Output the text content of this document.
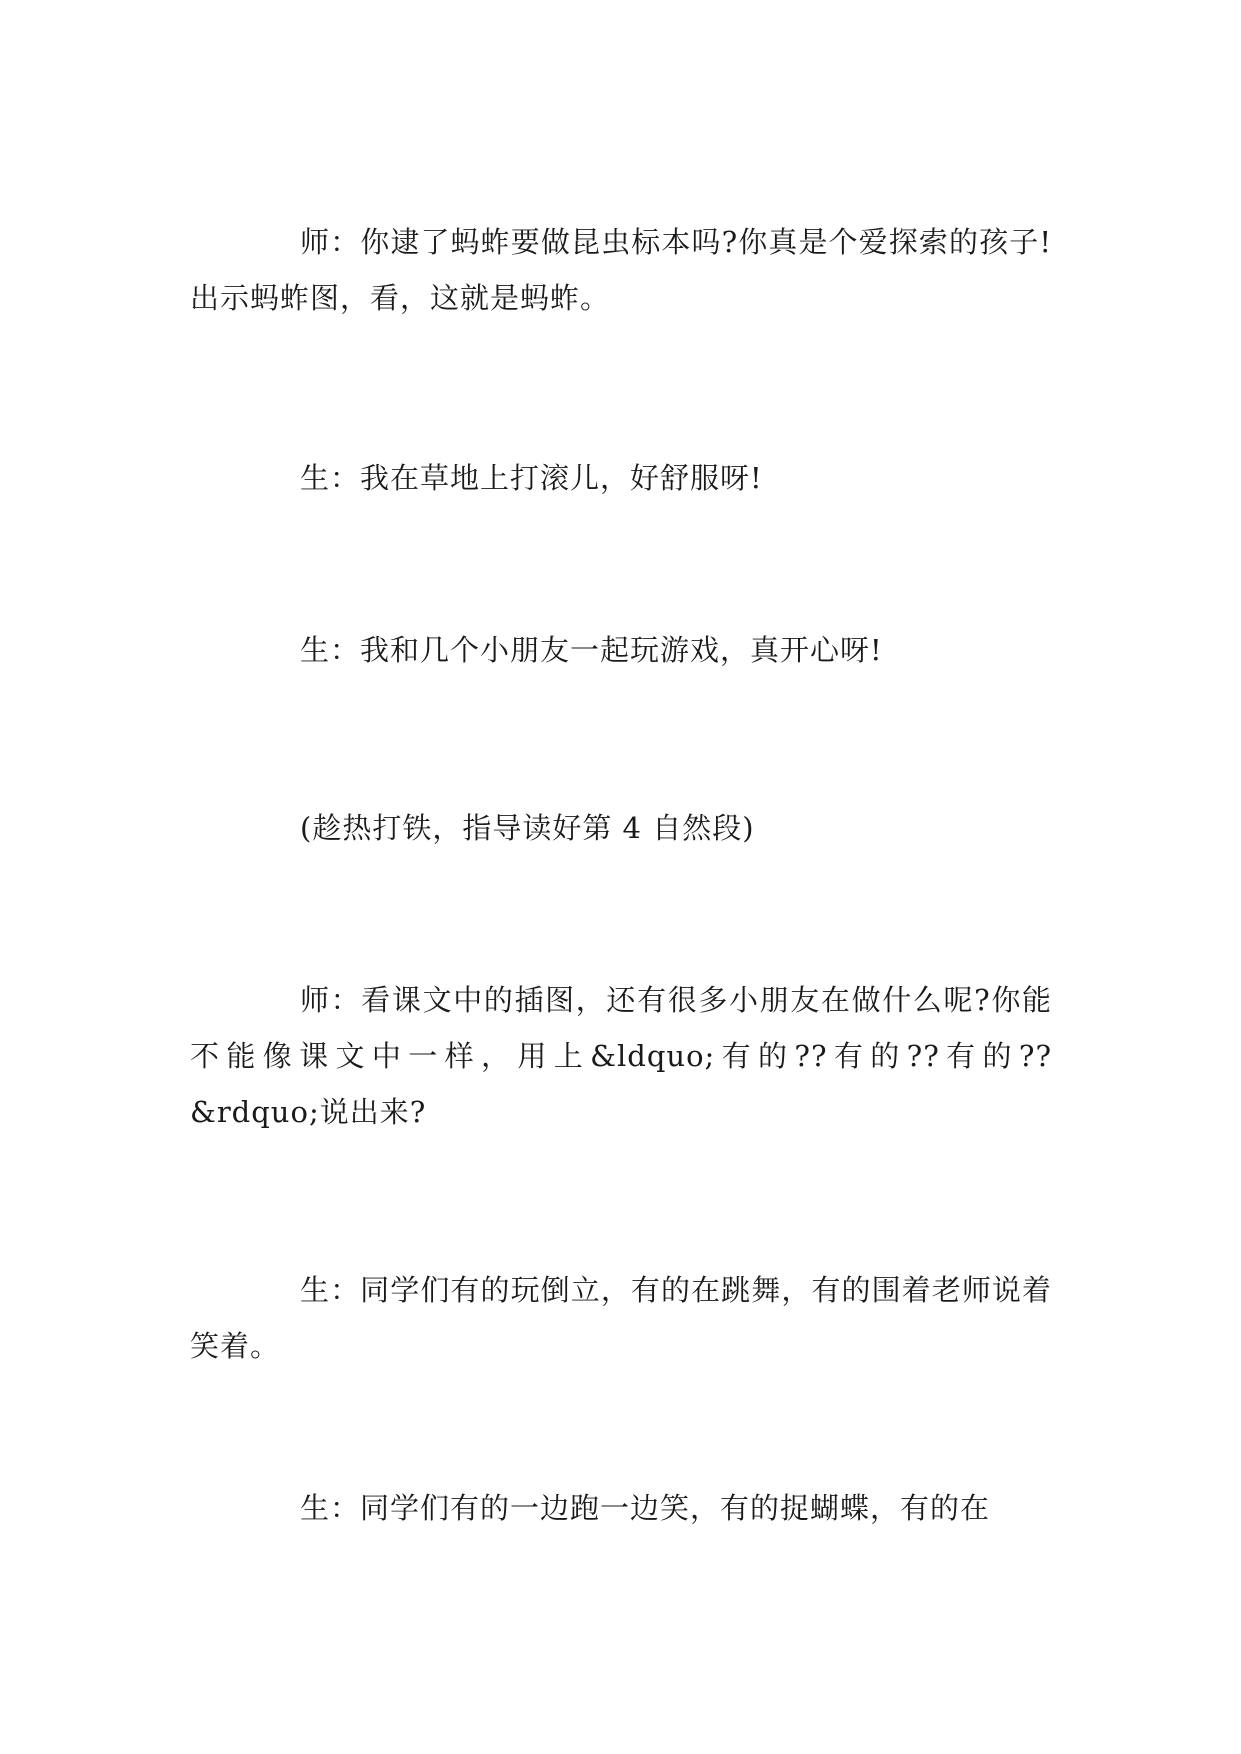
师：你逮了蚂蚱要做昆虫标本吗?你真是个爱探索的孩子!出示蚂蚱图，看，这就是蚂蚱。

生：我在草地上打滚儿，好舒服呀!

生：我和几个小朋友一起玩游戏，真开心呀!

(趁热打铁，指导读好第 4 自然段)

师：看课文中的插图，还有很多小朋友在做什么呢?你能不能像课文中一样，用上&ldquo;有的??有的??有的??&rdquo;说出来?

生：同学们有的玩倒立，有的在跳舞，有的围着老师说着笑着。

生：同学们有的一边跑一边笑，有的捉蝴蝶，有的在
